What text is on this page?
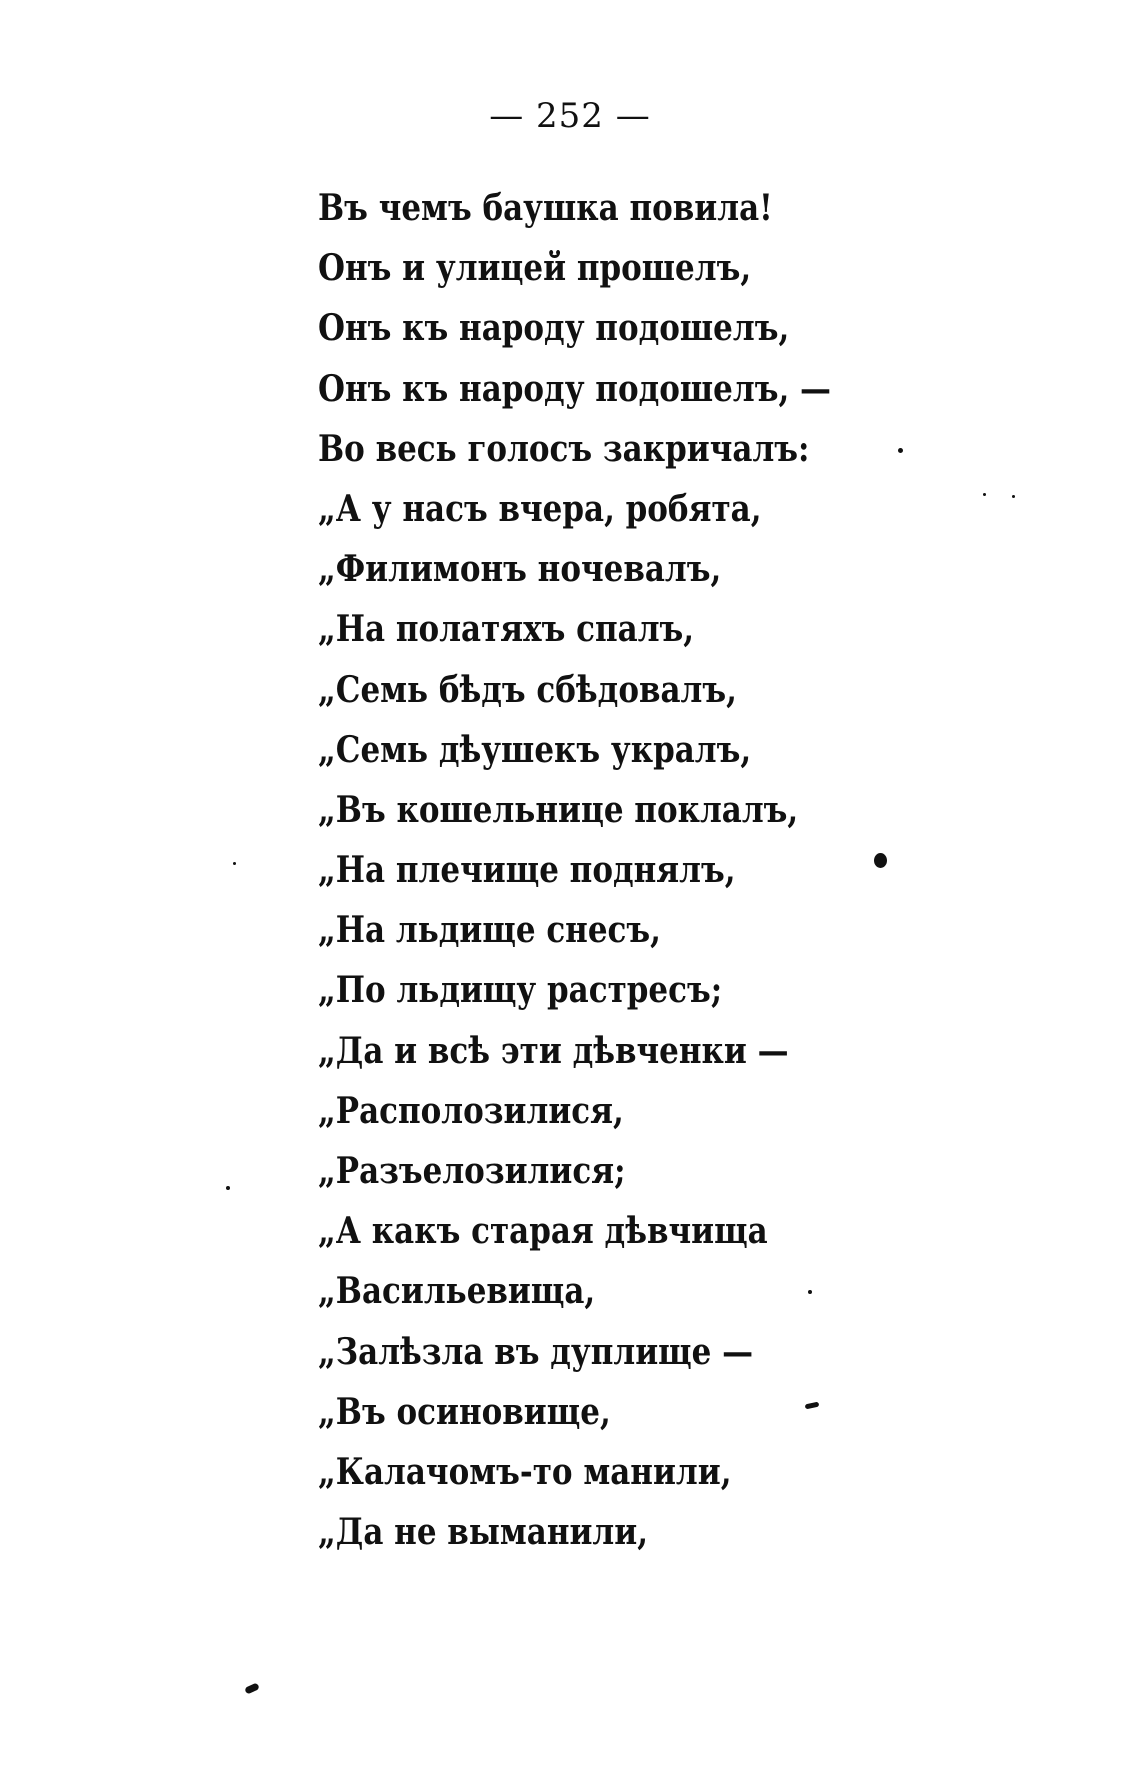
— 252 —
Въ чемъ баушка повила!
Онъ и улицей прошелъ,
Онъ къ народу подошелъ,
Онъ къ народу подошелъ, —
Во весь голосъ закричалъ:
„А у насъ вчера, робята,
„Филимонъ ночевалъ,
„На полатяхъ спалъ,
„Семь бѣдъ сбѣдовалъ,
„Семь дѣушекъ укралъ,
„Въ кошельнице поклалъ,
„На плечище поднялъ,
„На льдище снесъ,
„По льдищу растресъ;
„Да и всѣ эти дѣвченки —
„Располозилися,
„Разъелозилися;
„А какъ старая дѣвчища
„Васильевища,
„Залѣзла въ дуплище —
„Въ осиновище,
„Калачомъ-то манили,
„Да не выманили,
